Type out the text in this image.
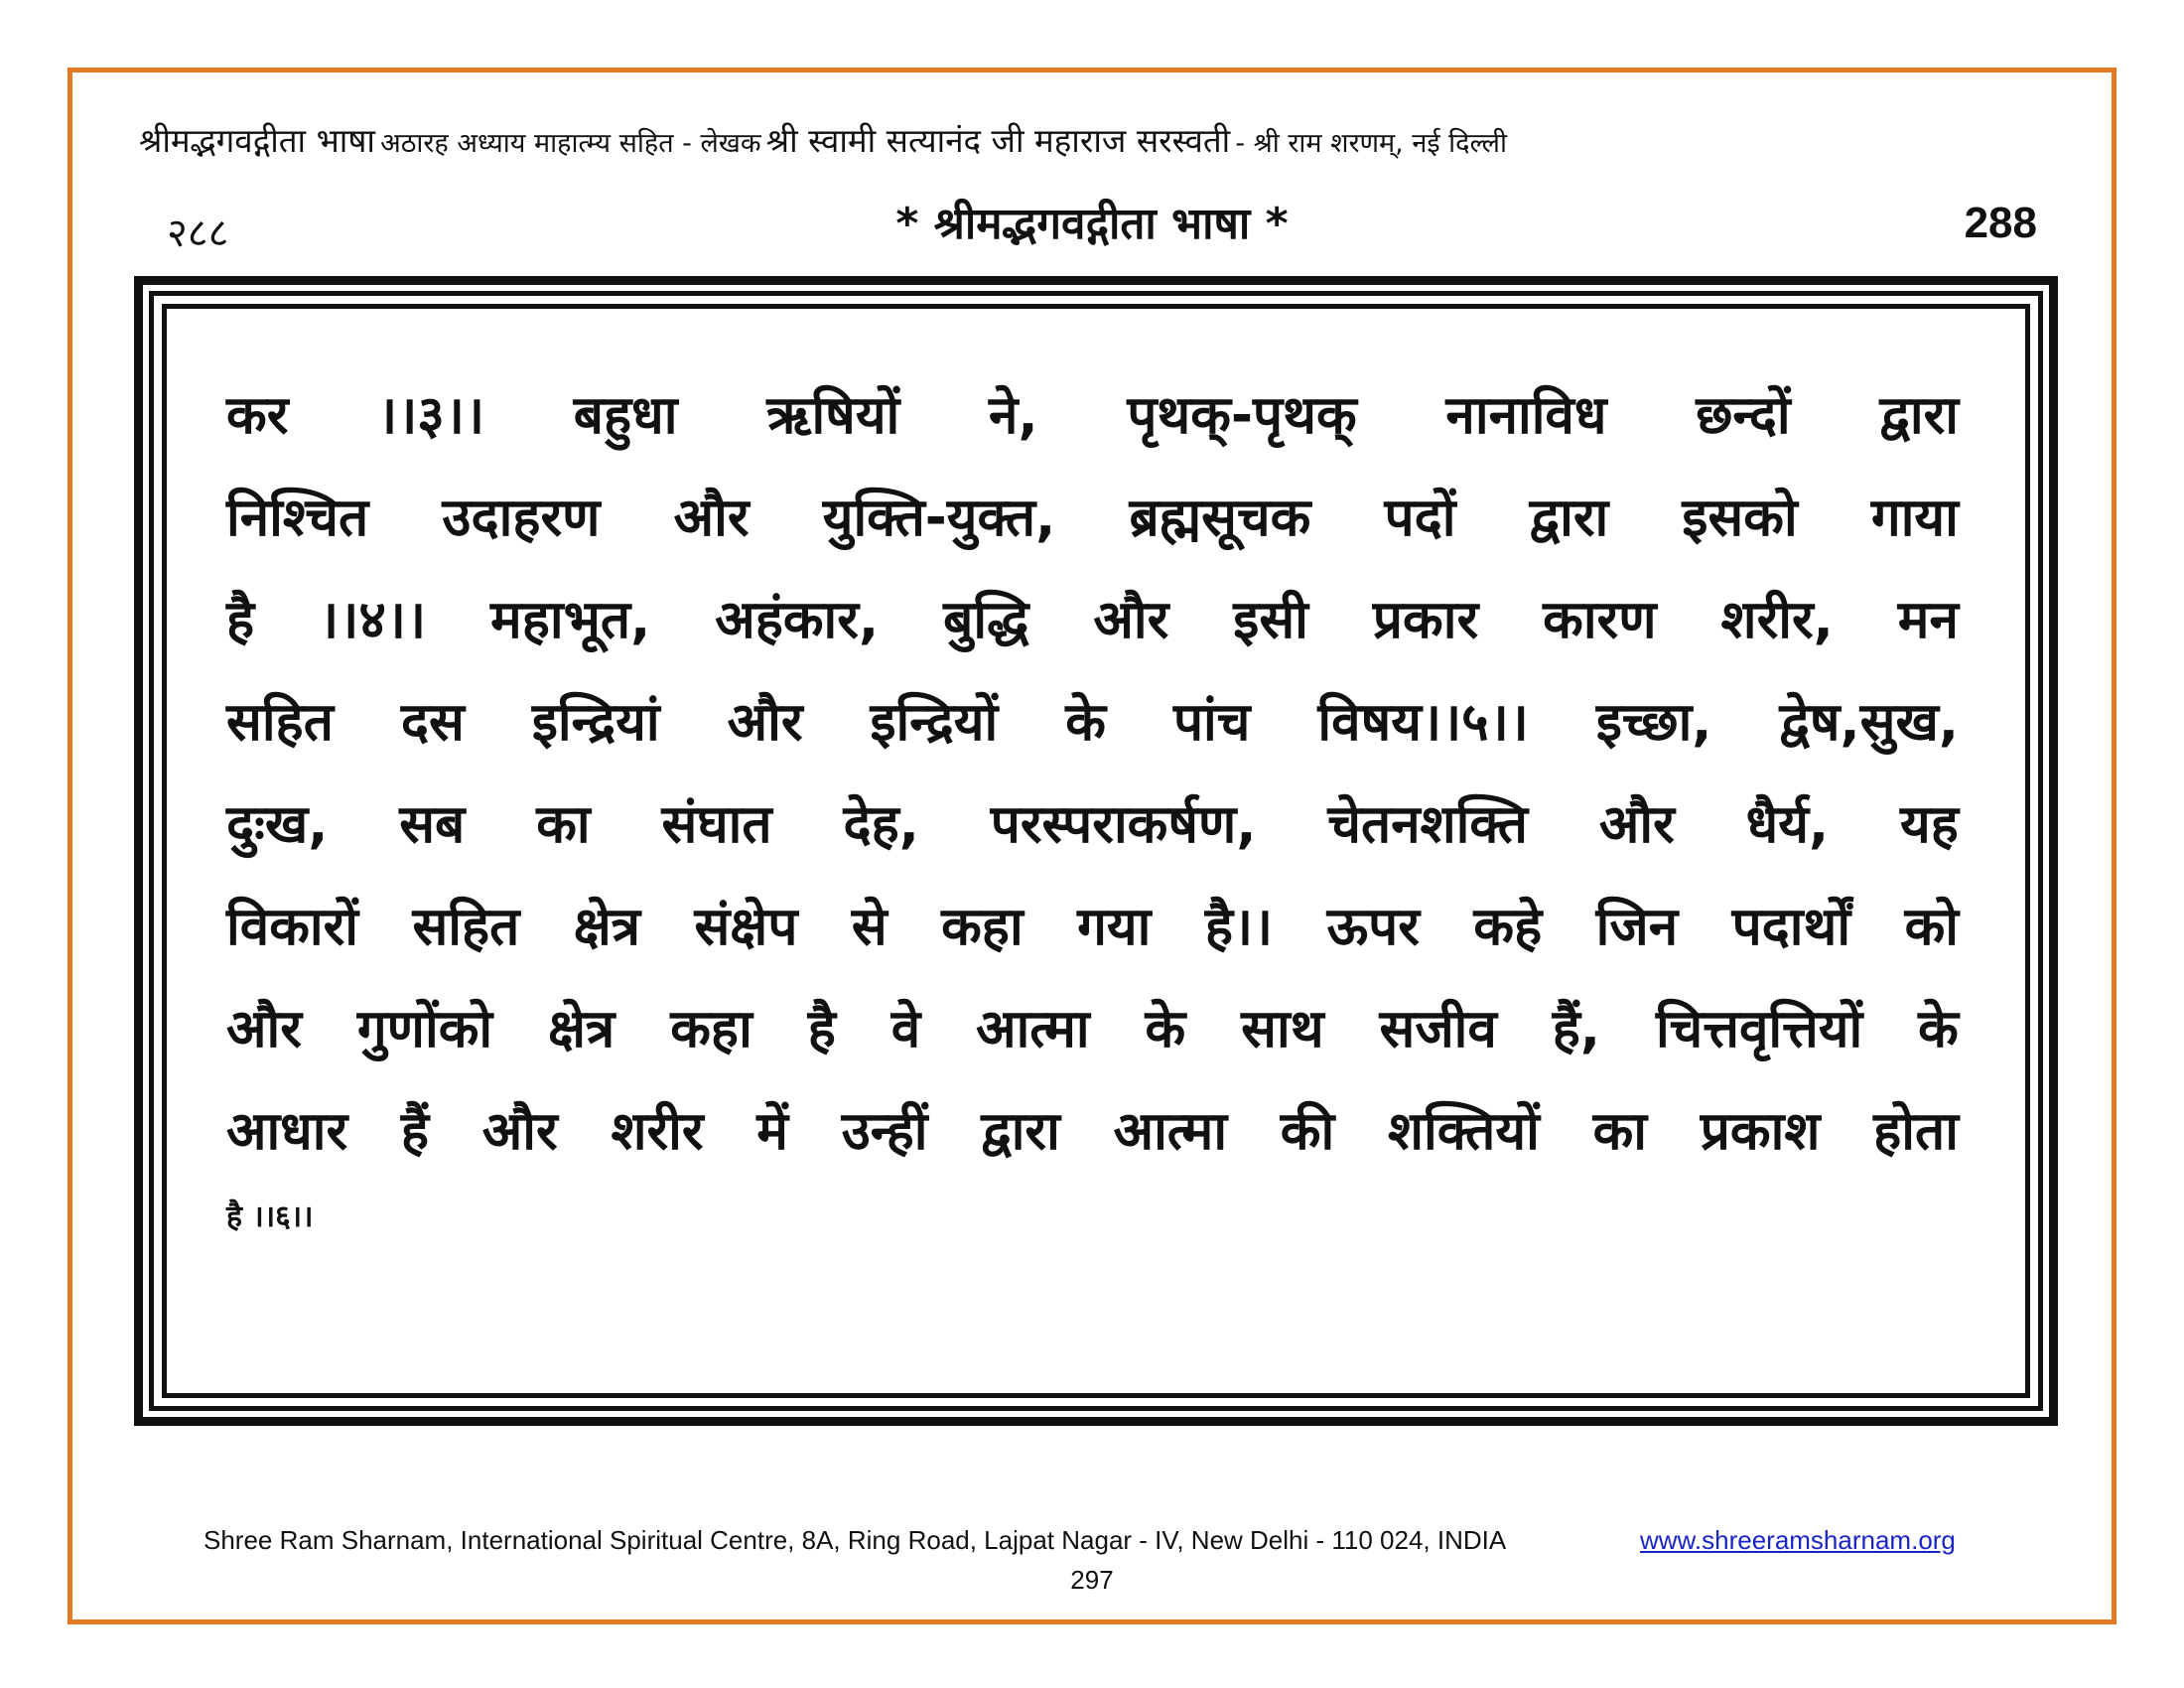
श्रीमद्भगवद्गीता भाषा अठारह अध्याय माहात्म्य सहित - लेखक श्री स्वामी सत्यानंद जी महाराज सरस्वती - श्री राम शरणम्, नई दिल्ली
२८८	* श्रीमद्भगवद्गीता भाषा *	288
कर ।।३।। बहुधा ऋषियों ने, पृथक्-पृथक् नानाविध छन्दों द्वारा
निश्चित उदाहरण और युक्ति-युक्त, ब्रह्मसूचक पदों द्वारा इसको गाया
है ।।४।। महाभूत, अहंकार, बुद्धि और इसी प्रकार कारण शरीर, मन
सहित दस इन्द्रियां और इन्द्रियों के पांच विषय।।५।। इच्छा, द्वेष,सुख,
दुःख, सब का संघात देह, परस्पराकर्षण, चेतनशक्ति और धैर्य, यह
विकारों सहित क्षेत्र संक्षेप से कहा गया है।। ऊपर कहे जिन पदार्थों को
और गुणोंको क्षेत्र कहा है वे आत्मा के साथ सजीव हैं, चित्तवृत्तियों के
आधार हैं और शरीर में उन्हीं द्वारा आत्मा की शक्तियों का प्रकाश होता
है ।।६।।
Shree Ram Sharnam, International Spiritual Centre, 8A, Ring Road, Lajpat Nagar - IV, New Delhi - 110 024, INDIA	www.shreeramsharnam.org
297
